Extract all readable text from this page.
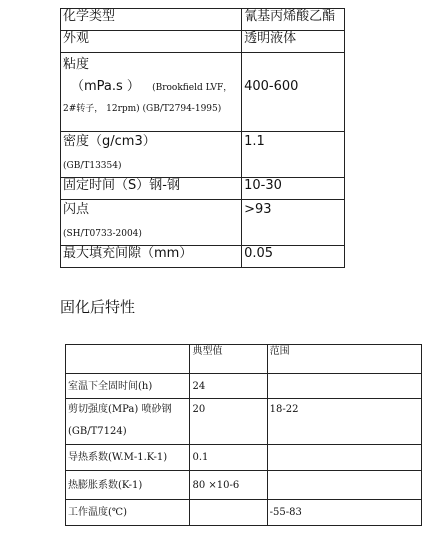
化学类型	氰基丙烯酸乙酯
外观	透明液体

粘度
（mPa.s ） (Brookfield LVF，
2#转子， 12rpm) (GB/T2794-1995)	400-600

密度（g/cm3）
(GB/T13354)	1.1

固定时间（S）钢-钢	10-30

闪点
(SH/T0733-2004)	>93

最大填充间隙（mm）	0.05
固化后特性
	典型值	范围
室温下全固时间(h)	24	

剪切强度(MPa) 喷砂钢
(GB/T7124)	20	18-22

导热系数(W.M-1.K-1)	0.1	
热膨胀系数(K-1)	80 ×10-6	
工作温度(℃)		-55-83
